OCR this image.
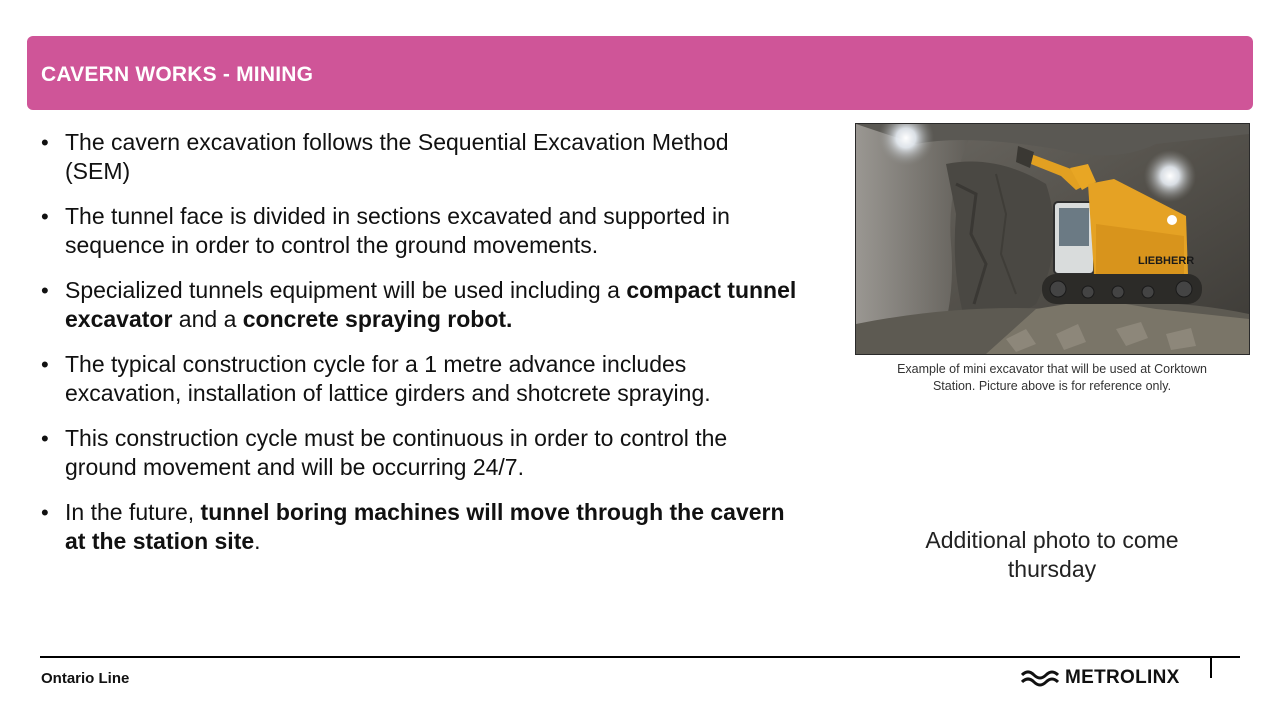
CAVERN WORKS - MINING
• The cavern excavation follows the Sequential Excavation Method (SEM)
• The tunnel face is divided in sections excavated and supported in sequence in order to control the ground movements.
• Specialized tunnels equipment will be used including a compact tunnel excavator and a concrete spraying robot.
• The typical construction cycle for a 1 metre advance includes excavation, installation of lattice girders and shotcrete spraying.
• This construction cycle must be continuous in order to control the ground movement and will be occurring 24/7.
• In the future, tunnel boring machines will move through the cavern at the station site.
LIEBHERR
Example of mini excavator that will be used at Corktown
Station. Picture above is for reference only.
Additional photo to come
thursday
Ontario Line	METROLINX
